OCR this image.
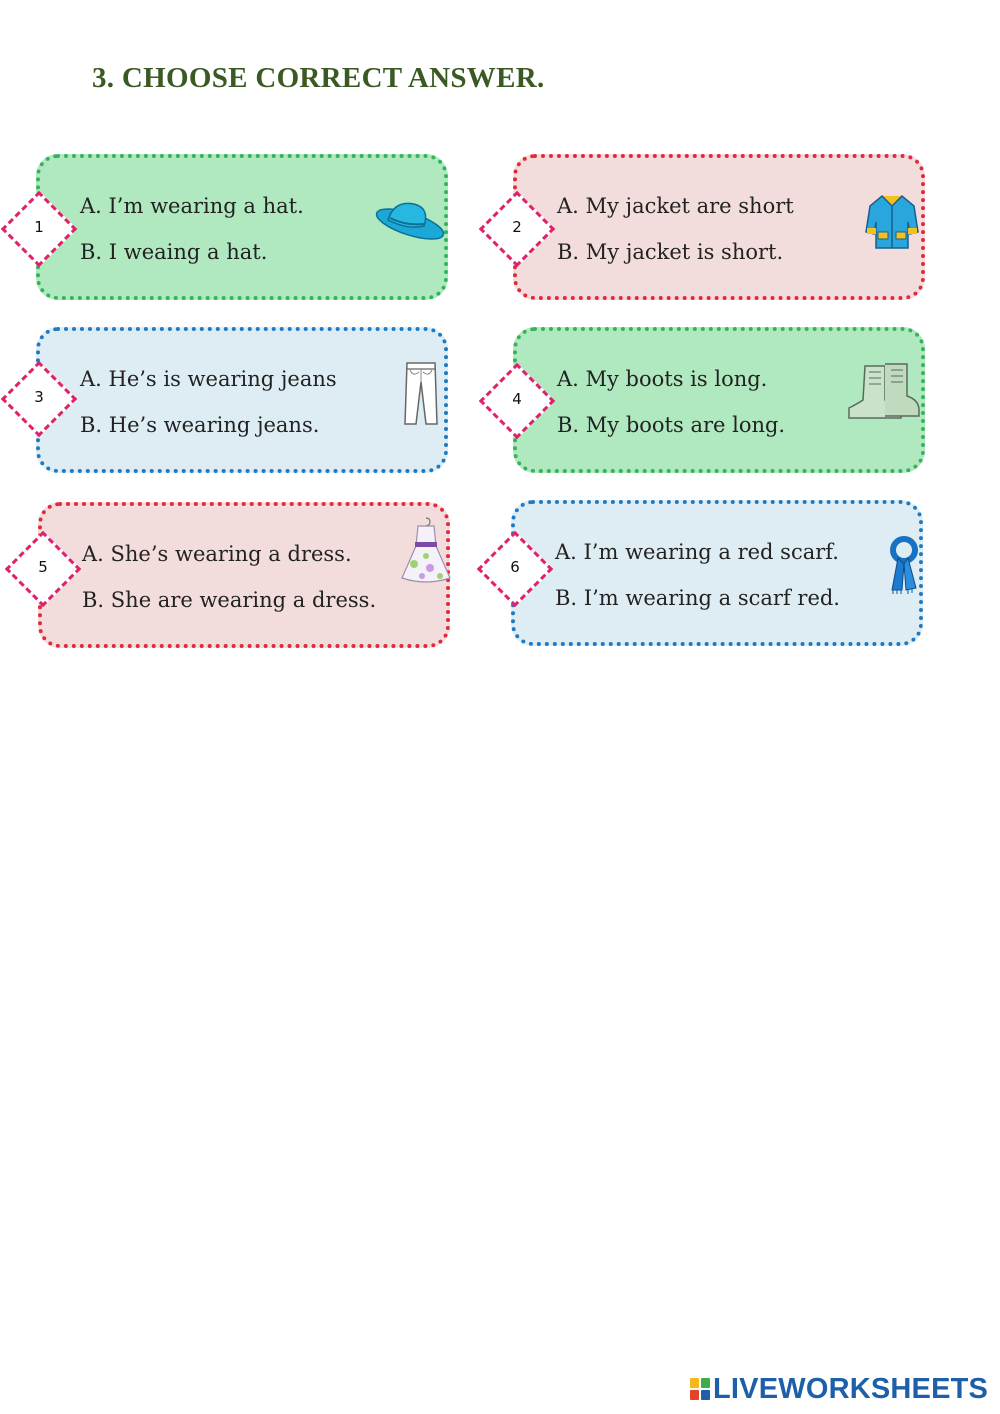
3. CHOOSE CORRECT ANSWER.
A. I’m wearing a hat.
B. I weaing a hat.
1
A. My jacket are short
B. My jacket is short.
2
A. He’s is wearing jeans
B. He’s wearing jeans.
3
A. My boots is long.
B. My boots are long.
4
A. She’s wearing a dress.
B. She are wearing a dress.
5
A. I’m wearing a red scarf.
B. I’m wearing a scarf red.
6
LIVEWORKSHEETS
